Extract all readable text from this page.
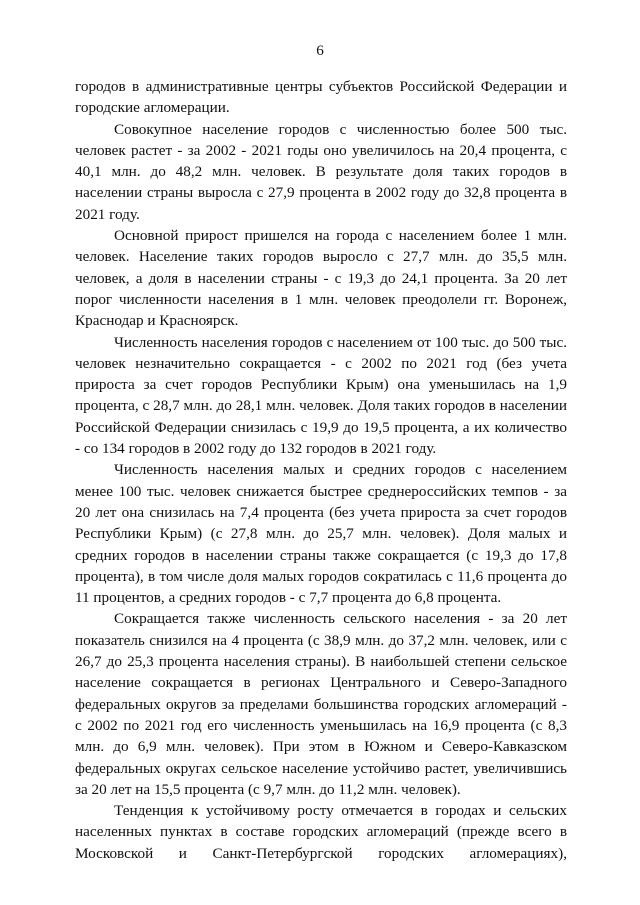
6

городов в административные центры субъектов Российской Федерации и городские агломерации.

Совокупное население городов с численностью более 500 тыс. человек растет - за 2002 - 2021 годы оно увеличилось на 20,4 процента, с 40,1 млн. до 48,2 млн. человек. В результате доля таких городов в населении страны выросла с 27,9 процента в 2002 году до 32,8 процента в 2021 году.

Основной прирост пришелся на города с населением более 1 млн. человек. Население таких городов выросло с 27,7 млн. до 35,5 млн. человек, а доля в населении страны - с 19,3 до 24,1 процента. За 20 лет порог численности населения в 1 млн. человек преодолели гг. Воронеж, Краснодар и Красноярск.

Численность населения городов с населением от 100 тыс. до 500 тыс. человек незначительно сокращается - с 2002 по 2021 год (без учета прироста за счет городов Республики Крым) она уменьшилась на 1,9 процента, с 28,7 млн. до 28,1 млн. человек. Доля таких городов в населении Российской Федерации снизилась с 19,9 до 19,5 процента, а их количество - со 134 городов в 2002 году до 132 городов в 2021 году.

Численность населения малых и средних городов с населением менее 100 тыс. человек снижается быстрее среднероссийских темпов - за 20 лет она снизилась на 7,4 процента (без учета прироста за счет городов Республики Крым) (с 27,8 млн. до 25,7 млн. человек). Доля малых и средних городов в населении страны также сокращается (с 19,3 до 17,8 процента), в том числе доля малых городов сократилась с 11,6 процента до 11 процентов, а средних городов - с 7,7 процента до 6,8 процента.

Сокращается также численность сельского населения - за 20 лет показатель снизился на 4 процента (с 38,9 млн. до 37,2 млн. человек, или с 26,7 до 25,3 процента населения страны). В наибольшей степени сельское население сокращается в регионах Центрального и Северо-Западного федеральных округов за пределами большинства городских агломераций - с 2002 по 2021 год его численность уменьшилась на 16,9 процента (с 8,3 млн. до 6,9 млн. человек). При этом в Южном и Северо-Кавказском федеральных округах сельское население устойчиво растет, увеличившись за 20 лет на 15,5 процента (с 9,7 млн. до 11,2 млн. человек).

Тенденция к устойчивому росту отмечается в городах и сельских населенных пунктах в составе городских агломераций (прежде всего в Московской и Санкт-Петербургской городских агломерациях),
